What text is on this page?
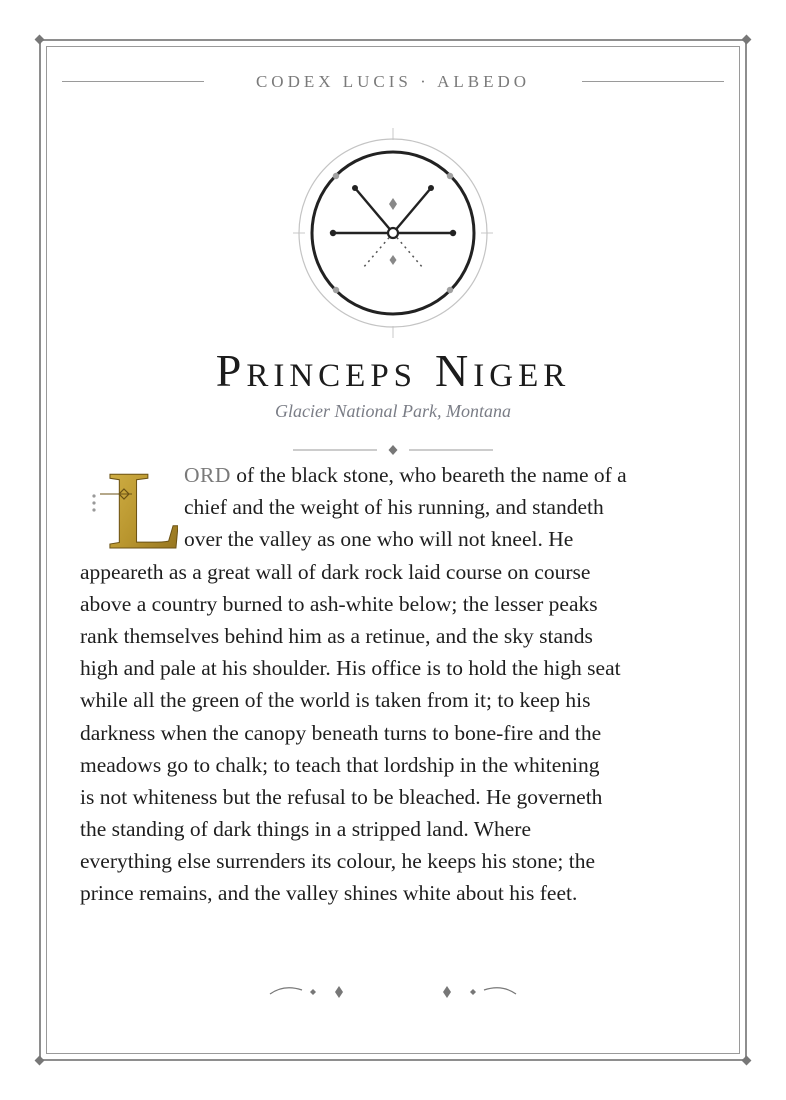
CODEX LUCIS · ALBEDO
PRINCEPS NIGER
Glacier National Park, Montana
L ORD of the black stone, who beareth the name of a
chief and the weight of his running, and standeth
over the valley as one who will not kneel. He
appeareth as a great wall of dark rock laid course on course
above a country burned to ash-white below; the lesser peaks
rank themselves behind him as a retinue, and the sky stands
high and pale at his shoulder. His office is to hold the high seat
while all the green of the world is taken from it; to keep his
darkness when the canopy beneath turns to bone-fire and the
meadows go to chalk; to teach that lordship in the whitening
is not whiteness but the refusal to be bleached. He governeth
the standing of dark things in a stripped land. Where
everything else surrenders its colour, he keeps his stone; the
prince remains, and the valley shines white about his feet.
